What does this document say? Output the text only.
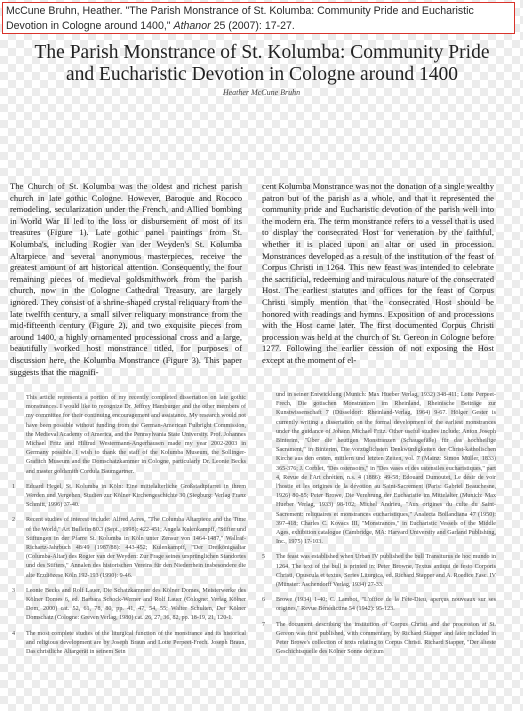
McCune Bruhn, Heather. "The Parish Monstrance of St. Kolumba: Community Pride and Eucharistic Devotion in Cologne around 1400," Athanor 25 (2007): 17-27.
The Parish Monstrance of St. Kolumba: Community Pride and Eucharistic Devotion in Cologne around 1400
Heather McCune Bruhn

The Church of St. Kolumba was the oldest and richest parish church in late gothic Cologne. However, Baroque and Rococo remodeling, secularization under the French, and Allied bombing in World War II led to the loss or disbursement of most of its treasures (Figure 1). Late gothic panel paintings from St. Kolumba's, including Rogier van der Weyden's St. Kolumba Altarpiece and several anonymous masterpieces, receive the greatest amount of art historical attention. Consequently, the four remaining pieces of medieval goldsmithwork from the parish church, now in the Cologne Cathedral Treasury, are largely ignored. They consist of a shrine-shaped crystal reliquary from the late twelfth century, a small silver reliquary monstrance from the mid-fifteenth century (Figure 2), and two exquisite pieces from around 1400, a highly ornamented processional cross and a large, beautifully worked host monstrance titled, for purposes of discussion here, the Kolumba Monstrance (Figure 3). This paper suggests that the magnifi-

cent Kolumba Monstrance was not the donation of a single wealthy patron but of the parish as a whole, and that it represented the community pride and Eucharistic devotion of the parish well into the modern era. The term monstrance refers to a vessel that is used to display the consecrated Host for veneration by the faithful, whether it is placed upon an altar or used in procession. Monstrances developed as a result of the institution of the feast of Corpus Christi in 1264. This new feast was intended to celebrate the sacrificial, redeeming and miraculous nature of the consecrated Host. The earliest statutes and offices for the feast of Corpus Christi simply mention that the consecrated Host should be honored with readings and hymns. Exposition of and processions with the Host came later. The first documented Corpus Christi procession was held at the church of St. Gereon in Cologne before 1277. Following the earlier cession of not exposing the Host except at the moment of el-

This article represents a portion of my recently completed dissertation on late gothic monstrances. I would like to recognize Dr. Jeffrey Hamburger and the other members of my committee for their continuing encouragement and assistance. My research would not have been possible without funding from the German-American Fulbright Commission, the Medieval Academy of America, and the Pennsylvania State University. Prof. Johannes Michael Fritz and Hiltrud Westermann-Angerhausen made my year 2002-2003 in Germany possible. I wish to thank the staff of the Kolumba Museum, the Sollinger-Grafitch Museum and the Domschatzkammer in Cologne, particularly Dr. Leonie Becks and master goldsmith Cordula Baumgartner.
1	Eduard Hegel, St. Kolumba in Köln: Eine mittelalterliche Großstadtpfarrei in ihrem Werden und Vergehen, Studien zur Kölner Kirchengeschichte 30 (Siegburg: Verlag Franz Schmitt, 1996) 37-40.
2	Recent studies of interest include: Alfred Acres, "The Columba Altarpiece and the Time of the World," Art Bulletin 80.3 (Sept., 1998): 422-451; Angela Kulenkampff, "Stifter und Stiftungen in der Pfarre St. Kolumba in Köln unter Zensur von 1464-1487," Wallraf-Richartz-Jahrbuch 48/49 (1987/88): 443-452; Kulenkampff, "Der Dreikönigsaltar (Columba-Altar) des Rogier van der Weyden: Zur Frage seines ursprünglichen Standortes und des Stifters," Annalen des historischen Vereins für den Niederrhein insbesondere die alte Erzdiözese Köln 192-193 (1990): 9-46.
3	Leonie Becks and Rolf Lauer, Die Schatzkammer des Kölner Domes, Meisterwerke des Kölner Domes 6, ed. Barbara Schock-Werner and Rolf Lauer (Cologne: Verlag Kölner Dom, 2000) cat. 52, 61, 78, 80, pp. 41, 47, 54, 55; Walter Schulten, Der Kölner Domschatz (Cologne: Greven Verlag, 1980) cat. 26, 27, 36, 82, pp. 18-19, 21, 120-1.
4	The most complete studies of the liturgical function of the monstrance and its historical and religious development are by Joseph Braun and Lotte Perpeet-Frech. Joseph Braun, Das christliche Altargerät in seinem Sein
und in seiner Entwicklung (Munich: Max Hueber Verlag, 1932) 348-411; Lotte Perpeet-Frech, Die gotischen Monstranzen im Rheinland, Rheinische Beiträge zur Kunstwissenschaft 7 (Düsseldorf: Rheinland-Verlag, 1964) 9-67. Hölger Gester is currently writing a dissertation on the formal development of the earliest monstrances under the guidance of Johann Michael Fritz. Other useful studies include: Anton Joseph Binterim, "Über die heutigen Monstranzen (Schaugefäße) für das hochheilige Sacrament," in Binterim, Die vorzüglichsten Denkwürdigkeiten der Christ-katholischen Kirche aus den ersten, mittlern und letzten Zeiten, vol. 7 (Mainz: Simon Müller, 1833) 365-376; J. Corblet, "Des ostensoirs," in "Des vases et des ustensiles eucharistiques," part 4, Revue de l'Art chrétien, n.s. 4 (1886): 49-58; Edouard Dumoutet, Le désir de voir l'hostie et les origines de la dévotion au Saint-Sacrement (Paris: Gabriel Beauchesne, 1926) 80-85; Peter Browe, Die Verehrung der Eucharistie im Mittelalter (Munich: Max Hueber Verlag, 1933) 98-102; Michel Andrieu, "Aux origines du culte du Saint-Sacrement: reliquaires et monstrances eucharistiques," Analecta Bollandiana 47 (1950): 397-418; Charles C. Kovacs III, "Monstrances," in Eucharistic Vessels of the Middle Ages, exhibition catalogue (Cambridge, MA: Harvard University and Garland Publishing, Inc., 1975) 17-103.
5	The feast was established when Urban IV published the bull Transiturus de hoc mundo in 1264. The text of the bull is printed in: Peter Browne, Textus antiqui de festo Corporis Christi, Opuscula et textus, Series Liturgica, ed. Richard Stapper and A. Roedice Fasc. IV (Münster: Aschendorff Verlag, 1934) 27-33.
6	Browe (1934) 1-40; C. Lambot, "L'office de la Fête-Dieu, aperçus nouveaux sur ses origines," Revue Bénédictine 54 (1942): 95-123.
7	The document describing the institution of Corpus Christi and the procession at St. Gereon was first published, with commentary, by Richard Stapper and later included in Peter Browe's collection of texts relating to Corpus Christi. Richard Stapper, "Der älteste Geschichtsquelle des Kölner Sonne der zum
